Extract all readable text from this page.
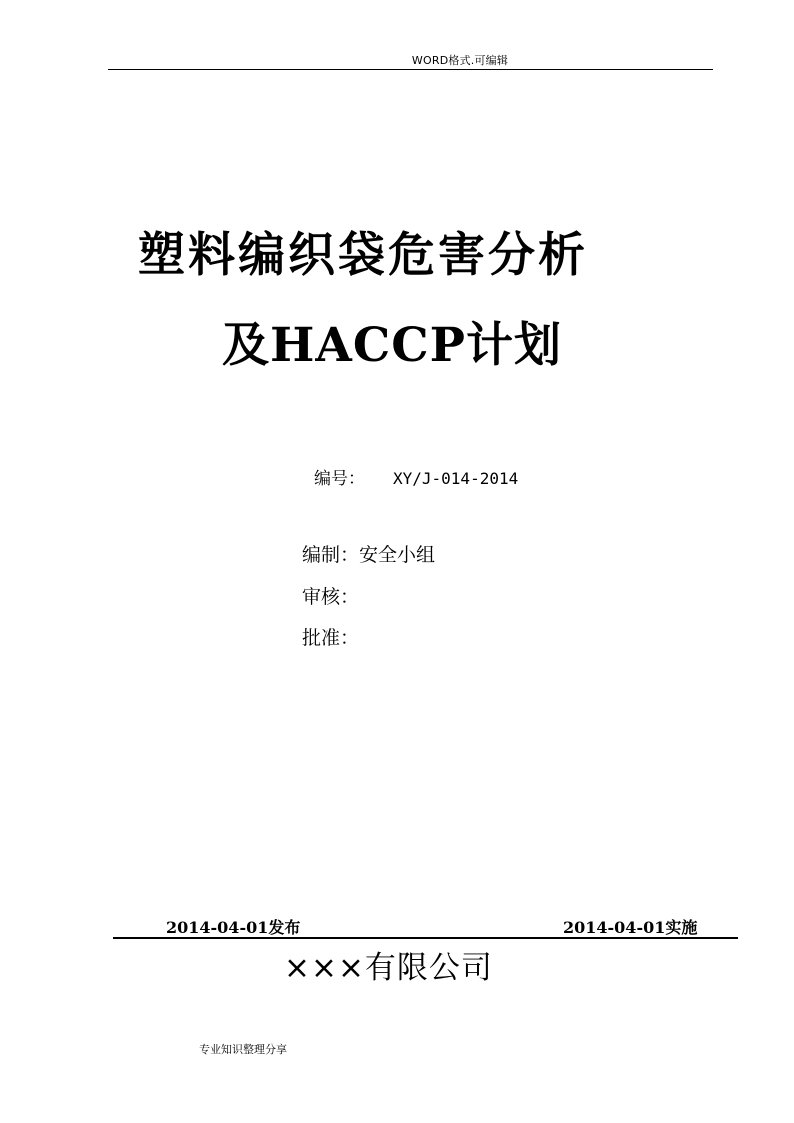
WORD格式.可编辑
塑料编织袋危害分析
及HACCP计划
编号： XY/J-014-2014
编制：安全小组
审核：
批准：
2014-04-01发布	2014-04-01实施
×××有限公司
专业知识整理分享
